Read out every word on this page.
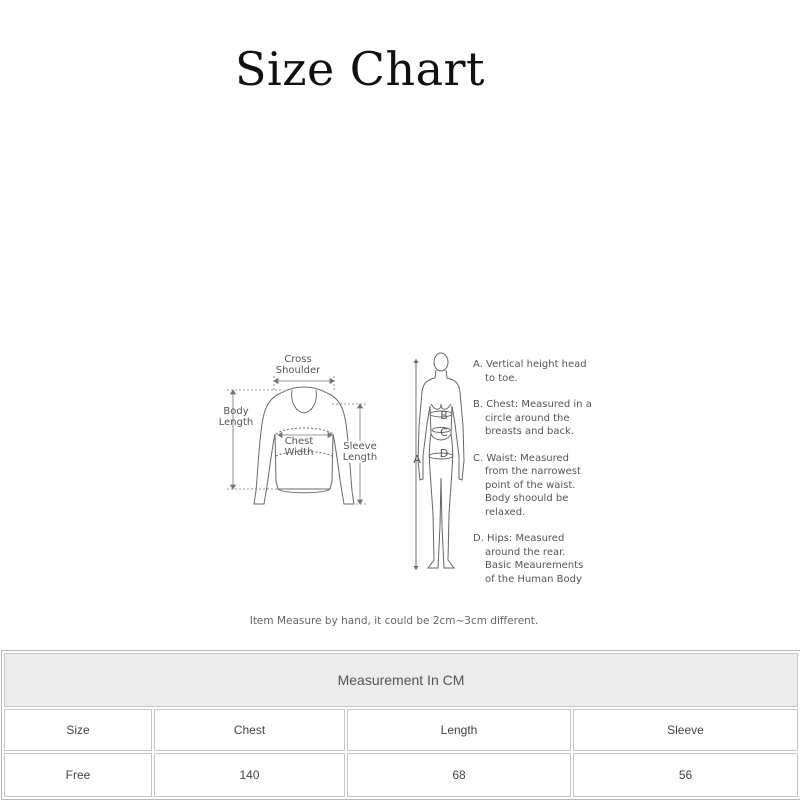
Size Chart
Cross Shoulder
Body Length
Chest Width
Sleeve Length	A
B
C
D

A. Vertical height head to toe.

B. Chest: Measured in a circle around the breasts and back.

C. Waist: Measured from the narrowest point of the waist. Body shoould be relaxed.

D. Hips: Measured around the rear. Basic Meaurements of the Human Body

Item Measure by hand, it could be 2cm~3cm different.
Measurement In CM
Size	Chest	Length	Sleeve
Free	140	68	56
